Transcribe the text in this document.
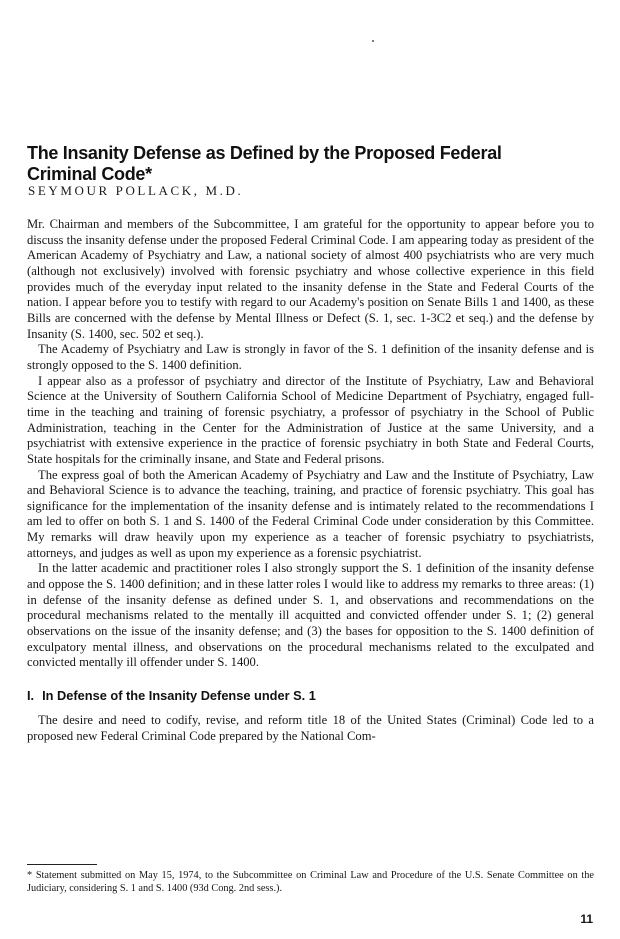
The Insanity Defense as Defined by the Proposed Federal Criminal Code*
SEYMOUR POLLACK, M.D.

Mr. Chairman and members of the Subcommittee, I am grateful for the opportunity to appear before you to discuss the insanity defense under the proposed Federal Criminal Code. I am appearing today as president of the American Academy of Psychiatry and Law, a national society of almost 400 psychiatrists who are very much (although not exclusively) involved with forensic psychiatry and whose collective experience in this field provides much of the everyday input related to the insanity defense in the State and Federal Courts of the nation. I appear before you to testify with regard to our Academy's position on Senate Bills 1 and 1400, as these Bills are concerned with the defense by Mental Illness or Defect (S. 1, sec. 1-3C2 et seq.) and the defense by Insanity (S. 1400, sec. 502 et seq.).

The Academy of Psychiatry and Law is strongly in favor of the S. 1 definition of the insanity defense and is strongly opposed to the S. 1400 definition.

I appear also as a professor of psychiatry and director of the Institute of Psychiatry, Law and Behavioral Science at the University of Southern California School of Medicine Department of Psychiatry, engaged full-time in the teaching and training of forensic psychiatry, a professor of psychiatry in the School of Public Administration, teaching in the Center for the Administration of Justice at the same University, and a psychiatrist with extensive experience in the practice of forensic psychiatry in both State and Federal Courts, State hospitals for the criminally insane, and State and Federal prisons.

The express goal of both the American Academy of Psychiatry and Law and the Institute of Psychiatry, Law and Behavioral Science is to advance the teaching, training, and practice of forensic psychiatry. This goal has significance for the implementation of the insanity defense and is intimately related to the recommendations I am led to offer on both S. 1 and S. 1400 of the Federal Criminal Code under consideration by this Committee. My remarks will draw heavily upon my experience as a teacher of forensic psychiatry to psychiatrists, attorneys, and judges as well as upon my experience as a forensic psychiatrist.

In the latter academic and practitioner roles I also strongly support the S. 1 definition of the insanity defense and oppose the S. 1400 definition; and in these latter roles I would like to address my remarks to three areas: (1) in defense of the insanity defense as defined under S. 1, and observations and recommendations on the procedural mechanisms related to the mentally ill acquitted and convicted offender under S. 1; (2) general observations on the issue of the insanity defense; and (3) the bases for opposition to the S. 1400 definition of exculpatory mental illness, and observations on the procedural mechanisms related to the exculpated and convicted mentally ill offender under S. 1400.

I. In Defense of the Insanity Defense under S. 1

The desire and need to codify, revise, and reform title 18 of the United States (Criminal) Code led to a proposed new Federal Criminal Code prepared by the National Com-

* Statement submitted on May 15, 1974, to the Subcommittee on Criminal Law and Procedure of the U.S. Senate Committee on the Judiciary, considering S. 1 and S. 1400 (93d Cong. 2nd sess.).
11
